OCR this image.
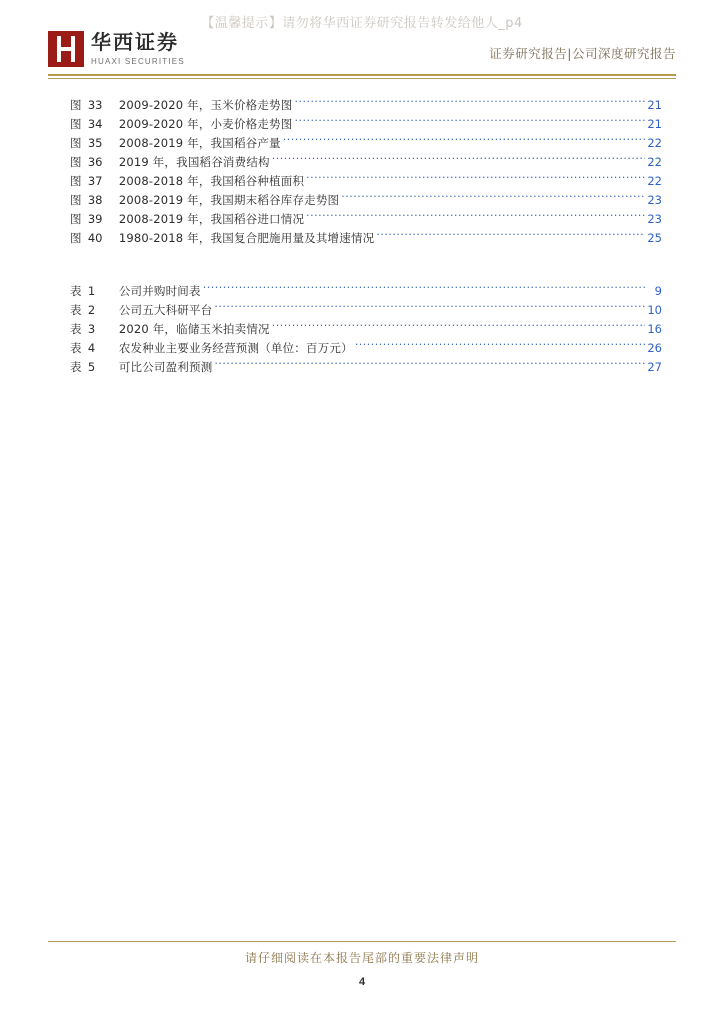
【温馨提示】请勿将华西证券研究报告转发给他人_p4
华西证券
HUAXI SECURITIES
证券研究报告|公司深度研究报告
图 33	2009-2020 年，玉米价格走势图 .....	21
图 34	2009-2020 年，小麦价格走势图 .....	21
图 35	2008-2019 年，我国稻谷产量 .....	22
图 36	2019 年，我国稻谷消费结构 .....	22
图 37	2008-2018 年，我国稻谷种植面积 .....	22
图 38	2008-2019 年，我国期末稻谷库存走势图 .....	23
图 39	2008-2019 年，我国稻谷进口情况 .....	23
图 40	1980-2018 年，我国复合肥施用量及其增速情况 .....	25
表 1	公司并购时间表 .....	9
表 2	公司五大科研平台 .....	10
表 3	2020 年，临储玉米拍卖情况 .....	16
表 4	农发种业主要业务经营预测（单位：百万元） .....	26
表 5	可比公司盈利预测 .....	27
请仔细阅读在本报告尾部的重要法律声明
4
